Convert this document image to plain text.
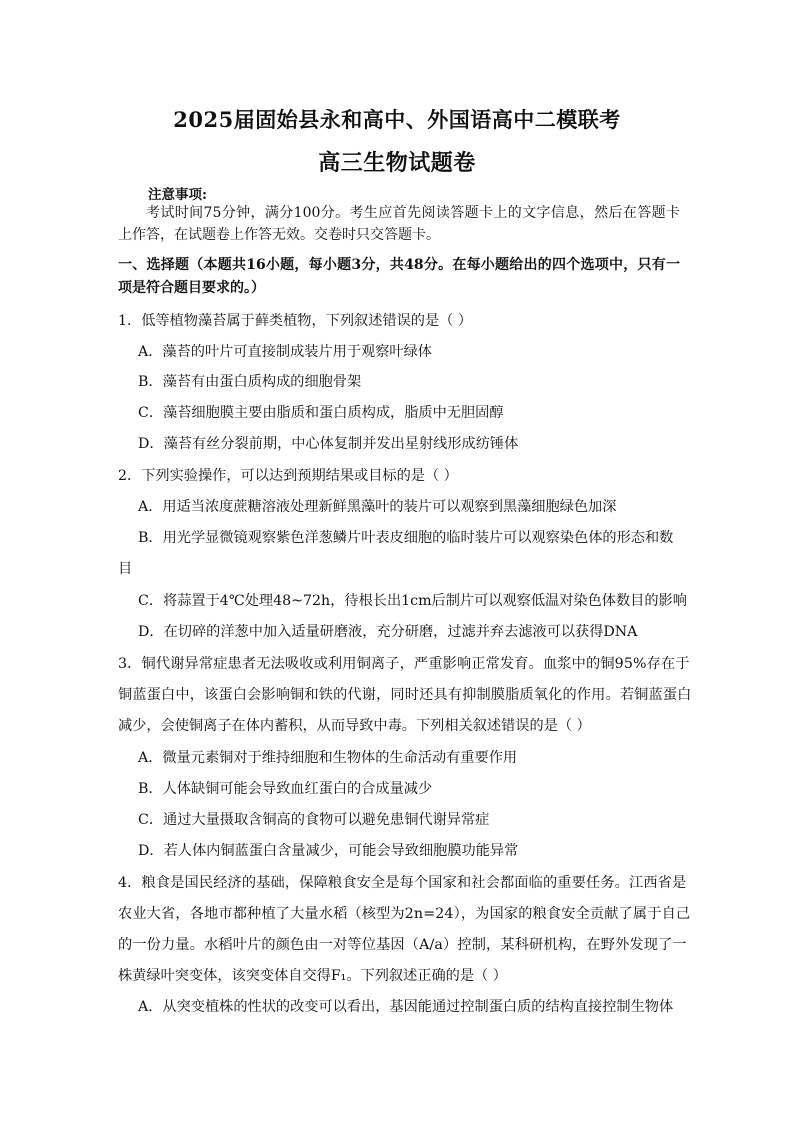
2025届固始县永和高中、外国语高中二模联考
高三生物试题卷
注意事项:
考试时间75分钟，满分100分。考生应首先阅读答题卡上的文字信息，然后在答题卡上作答，在试题卷上作答无效。交卷时只交答题卡。
一、选择题（本题共16小题，每小题3分，共48分。在每小题给出的四个选项中，只有一项是符合题目要求的。）
1．低等植物藻苔属于藓类植物，下列叙述错误的是（ ）
A．藻苔的叶片可直接制成装片用于观察叶绿体
B．藻苔有由蛋白质构成的细胞骨架
C．藻苔细胞膜主要由脂质和蛋白质构成，脂质中无胆固醇
D．藻苔有丝分裂前期，中心体复制并发出星射线形成纺锤体
2．下列实验操作，可以达到预期结果或目标的是（ ）
A．用适当浓度蔗糖溶液处理新鲜黑藻叶的装片可以观察到黑藻细胞绿色加深
B．用光学显微镜观察紫色洋葱鳞片叶表皮细胞的临时装片可以观察染色体的形态和数
目
C．将蒜置于4℃处理48~72h，待根长出1cm后制片可以观察低温对染色体数目的影响
D．在切碎的洋葱中加入适量研磨液，充分研磨，过滤并弃去滤液可以获得DNA
3．铜代谢异常症患者无法吸收或利用铜离子，严重影响正常发育。血浆中的铜95%存在于
铜蓝蛋白中，该蛋白会影响铜和铁的代谢，同时还具有抑制膜脂质氧化的作用。若铜蓝蛋白
减少，会使铜离子在体内蓄积，从而导致中毒。下列相关叙述错误的是（ ）
A．微量元素铜对于维持细胞和生物体的生命活动有重要作用
B．人体缺铜可能会导致血红蛋白的合成量减少
C．通过大量摄取含铜高的食物可以避免患铜代谢异常症
D．若人体内铜蓝蛋白含量减少，可能会导致细胞膜功能异常
4．粮食是国民经济的基础，保障粮食安全是每个国家和社会都面临的重要任务。江西省是
农业大省，各地市都种植了大量水稻（核型为2n=24），为国家的粮食安全贡献了属于自己
的一份力量。水稻叶片的颜色由一对等位基因（A/a）控制，某科研机构，在野外发现了一
株黄绿叶突变体，该突变体自交得F₁。下列叙述正确的是（ ）
A．从突变植株的性状的改变可以看出，基因能通过控制蛋白质的结构直接控制生物体
